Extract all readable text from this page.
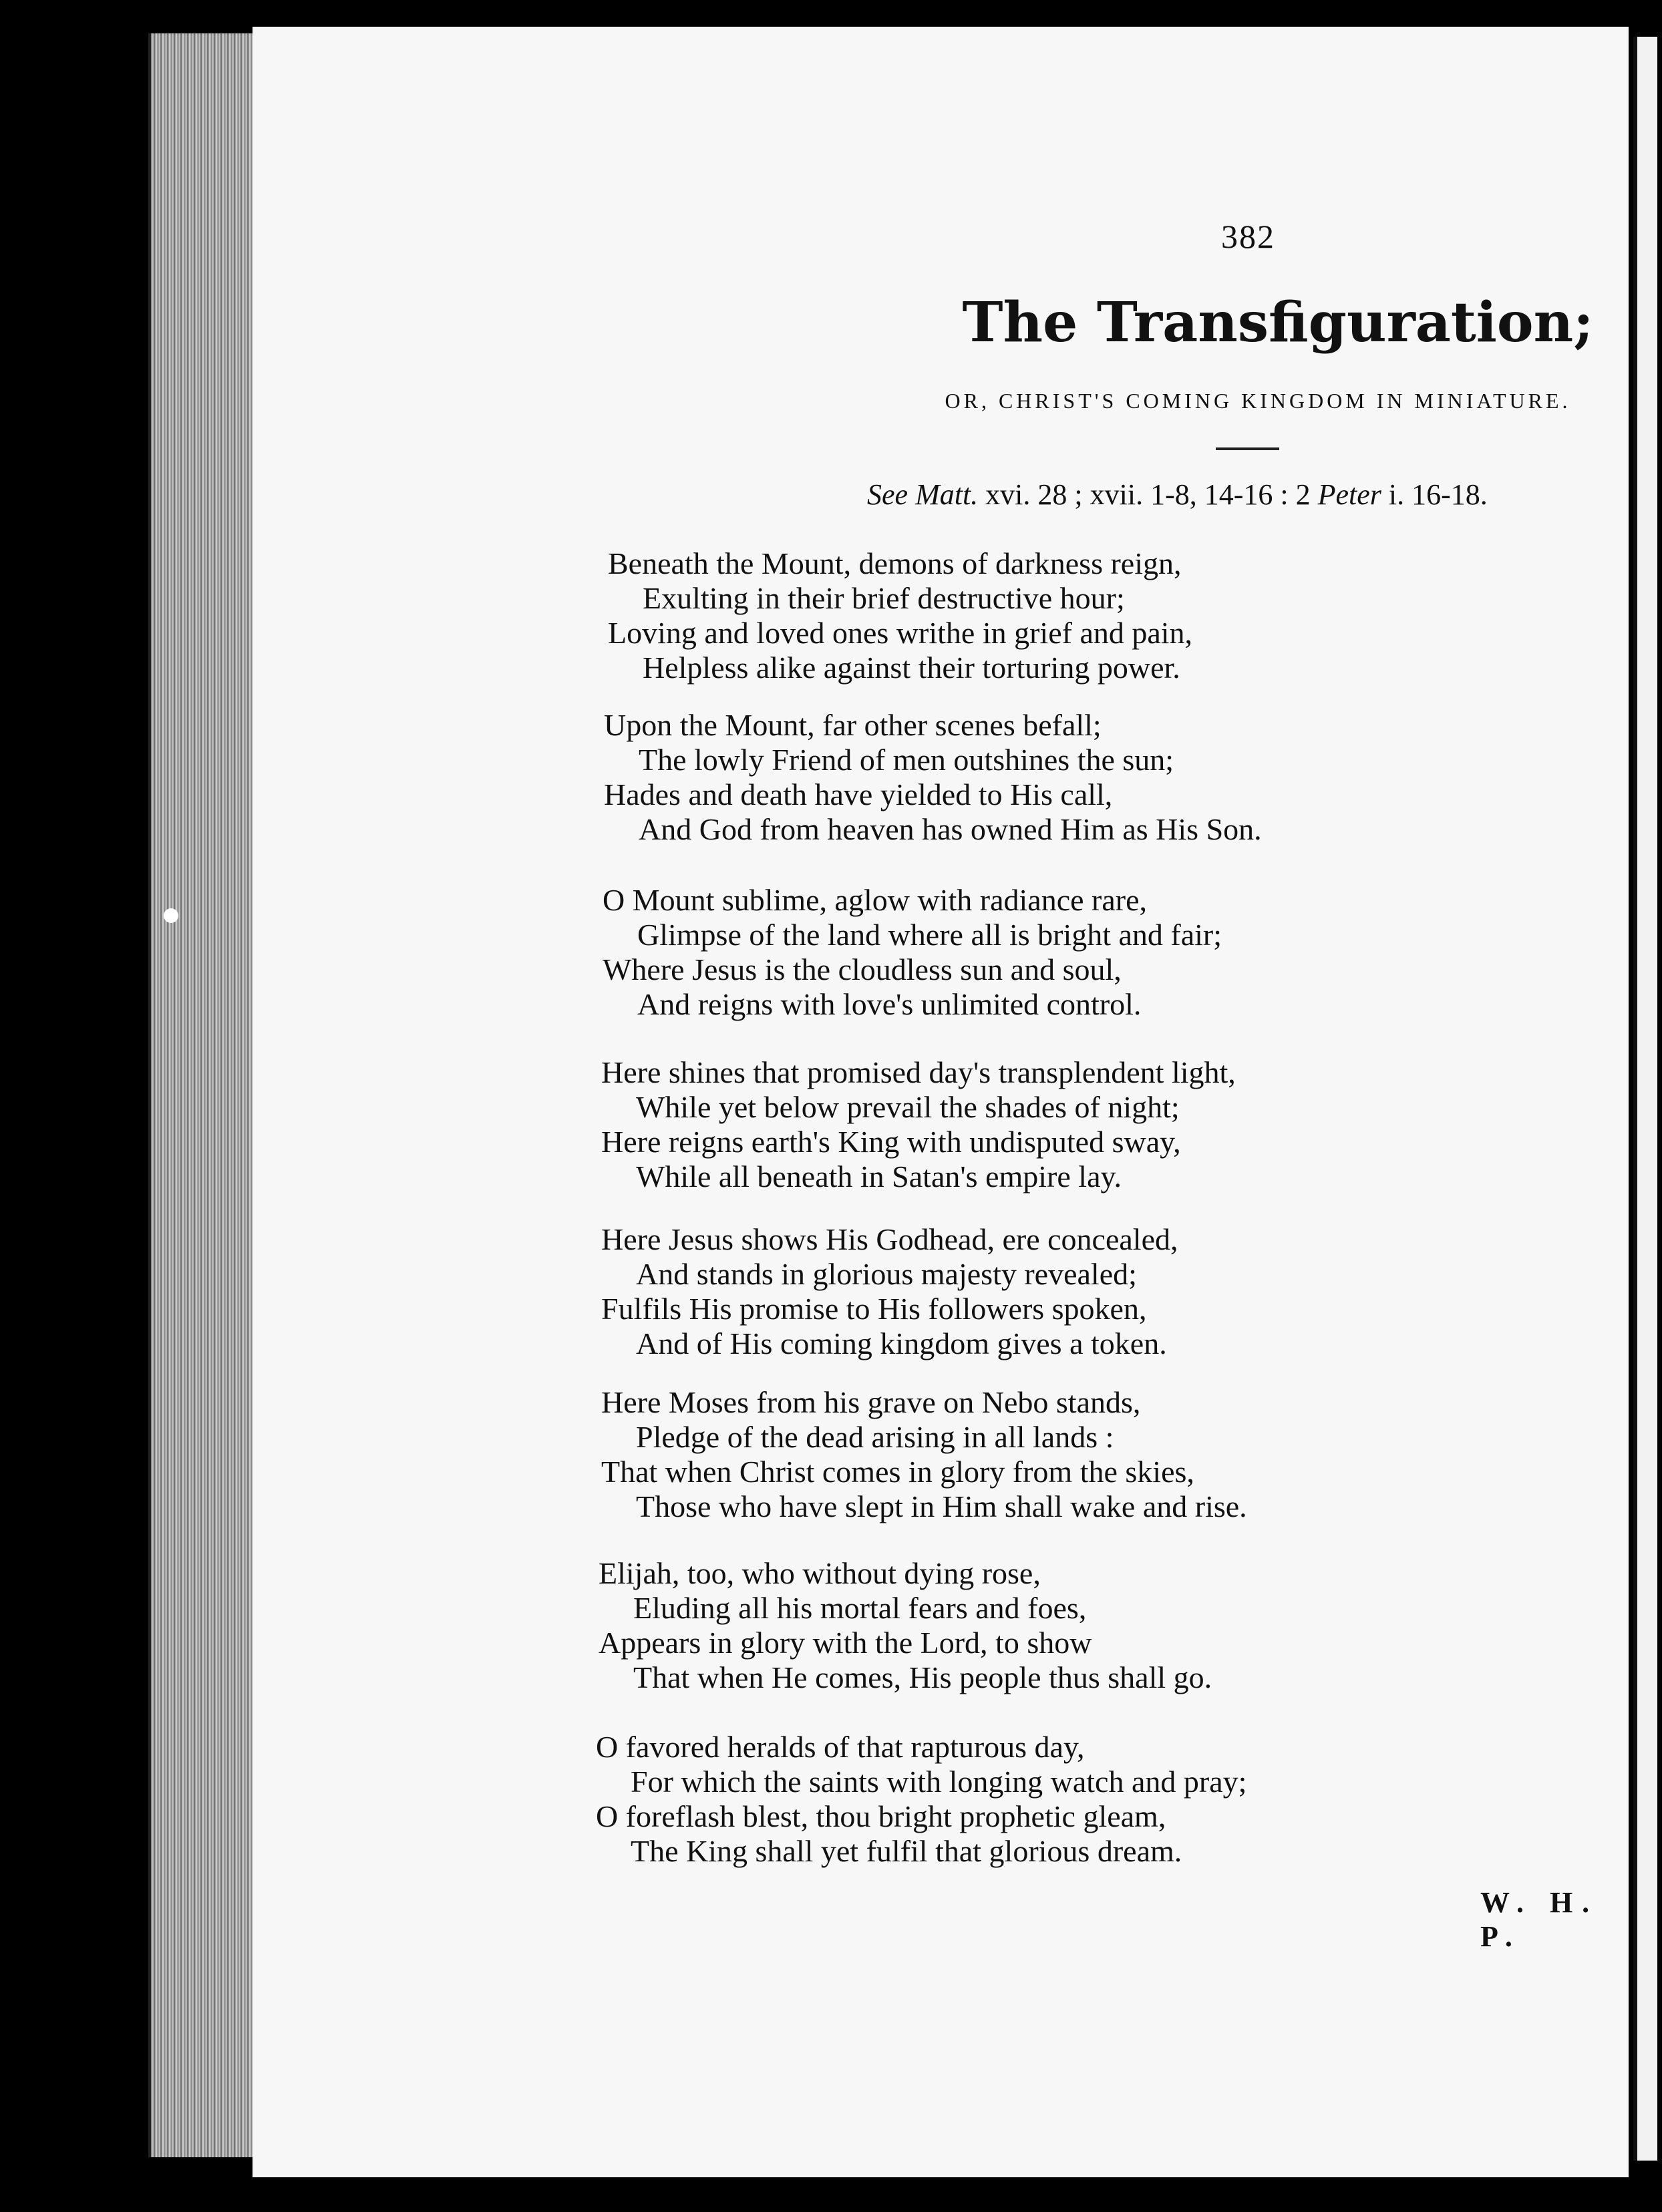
382
The Transfiguration;
OR, CHRIST'S COMING KINGDOM IN MINIATURE.
See Matt. xvi. 28 ; xvii. 1-8, 14-16 : 2 Peter i. 16-18.
Beneath the Mount, demons of darkness reign,
Exulting in their brief destructive hour;
Loving and loved ones writhe in grief and pain,
Helpless alike against their torturing power.
Upon the Mount, far other scenes befall;
The lowly Friend of men outshines the sun;
Hades and death have yielded to His call,
And God from heaven has owned Him as His Son.
O Mount sublime, aglow with radiance rare,
Glimpse of the land where all is bright and fair;
Where Jesus is the cloudless sun and soul,
And reigns with love's unlimited control.
Here shines that promised day's transplendent light,
While yet below prevail the shades of night;
Here reigns earth's King with undisputed sway,
While all beneath in Satan's empire lay.
Here Jesus shows His Godhead, ere concealed,
And stands in glorious majesty revealed;
Fulfils His promise to His followers spoken,
And of His coming kingdom gives a token.
Here Moses from his grave on Nebo stands,
Pledge of the dead arising in all lands :
That when Christ comes in glory from the skies,
Those who have slept in Him shall wake and rise.
Elijah, too, who without dying rose,
Eluding all his mortal fears and foes,
Appears in glory with the Lord, to show
That when He comes, His people thus shall go.
O favored heralds of that rapturous day,
For which the saints with longing watch and pray;
O foreflash blest, thou bright prophetic gleam,
The King shall yet fulfil that glorious dream.
W. H. P.
